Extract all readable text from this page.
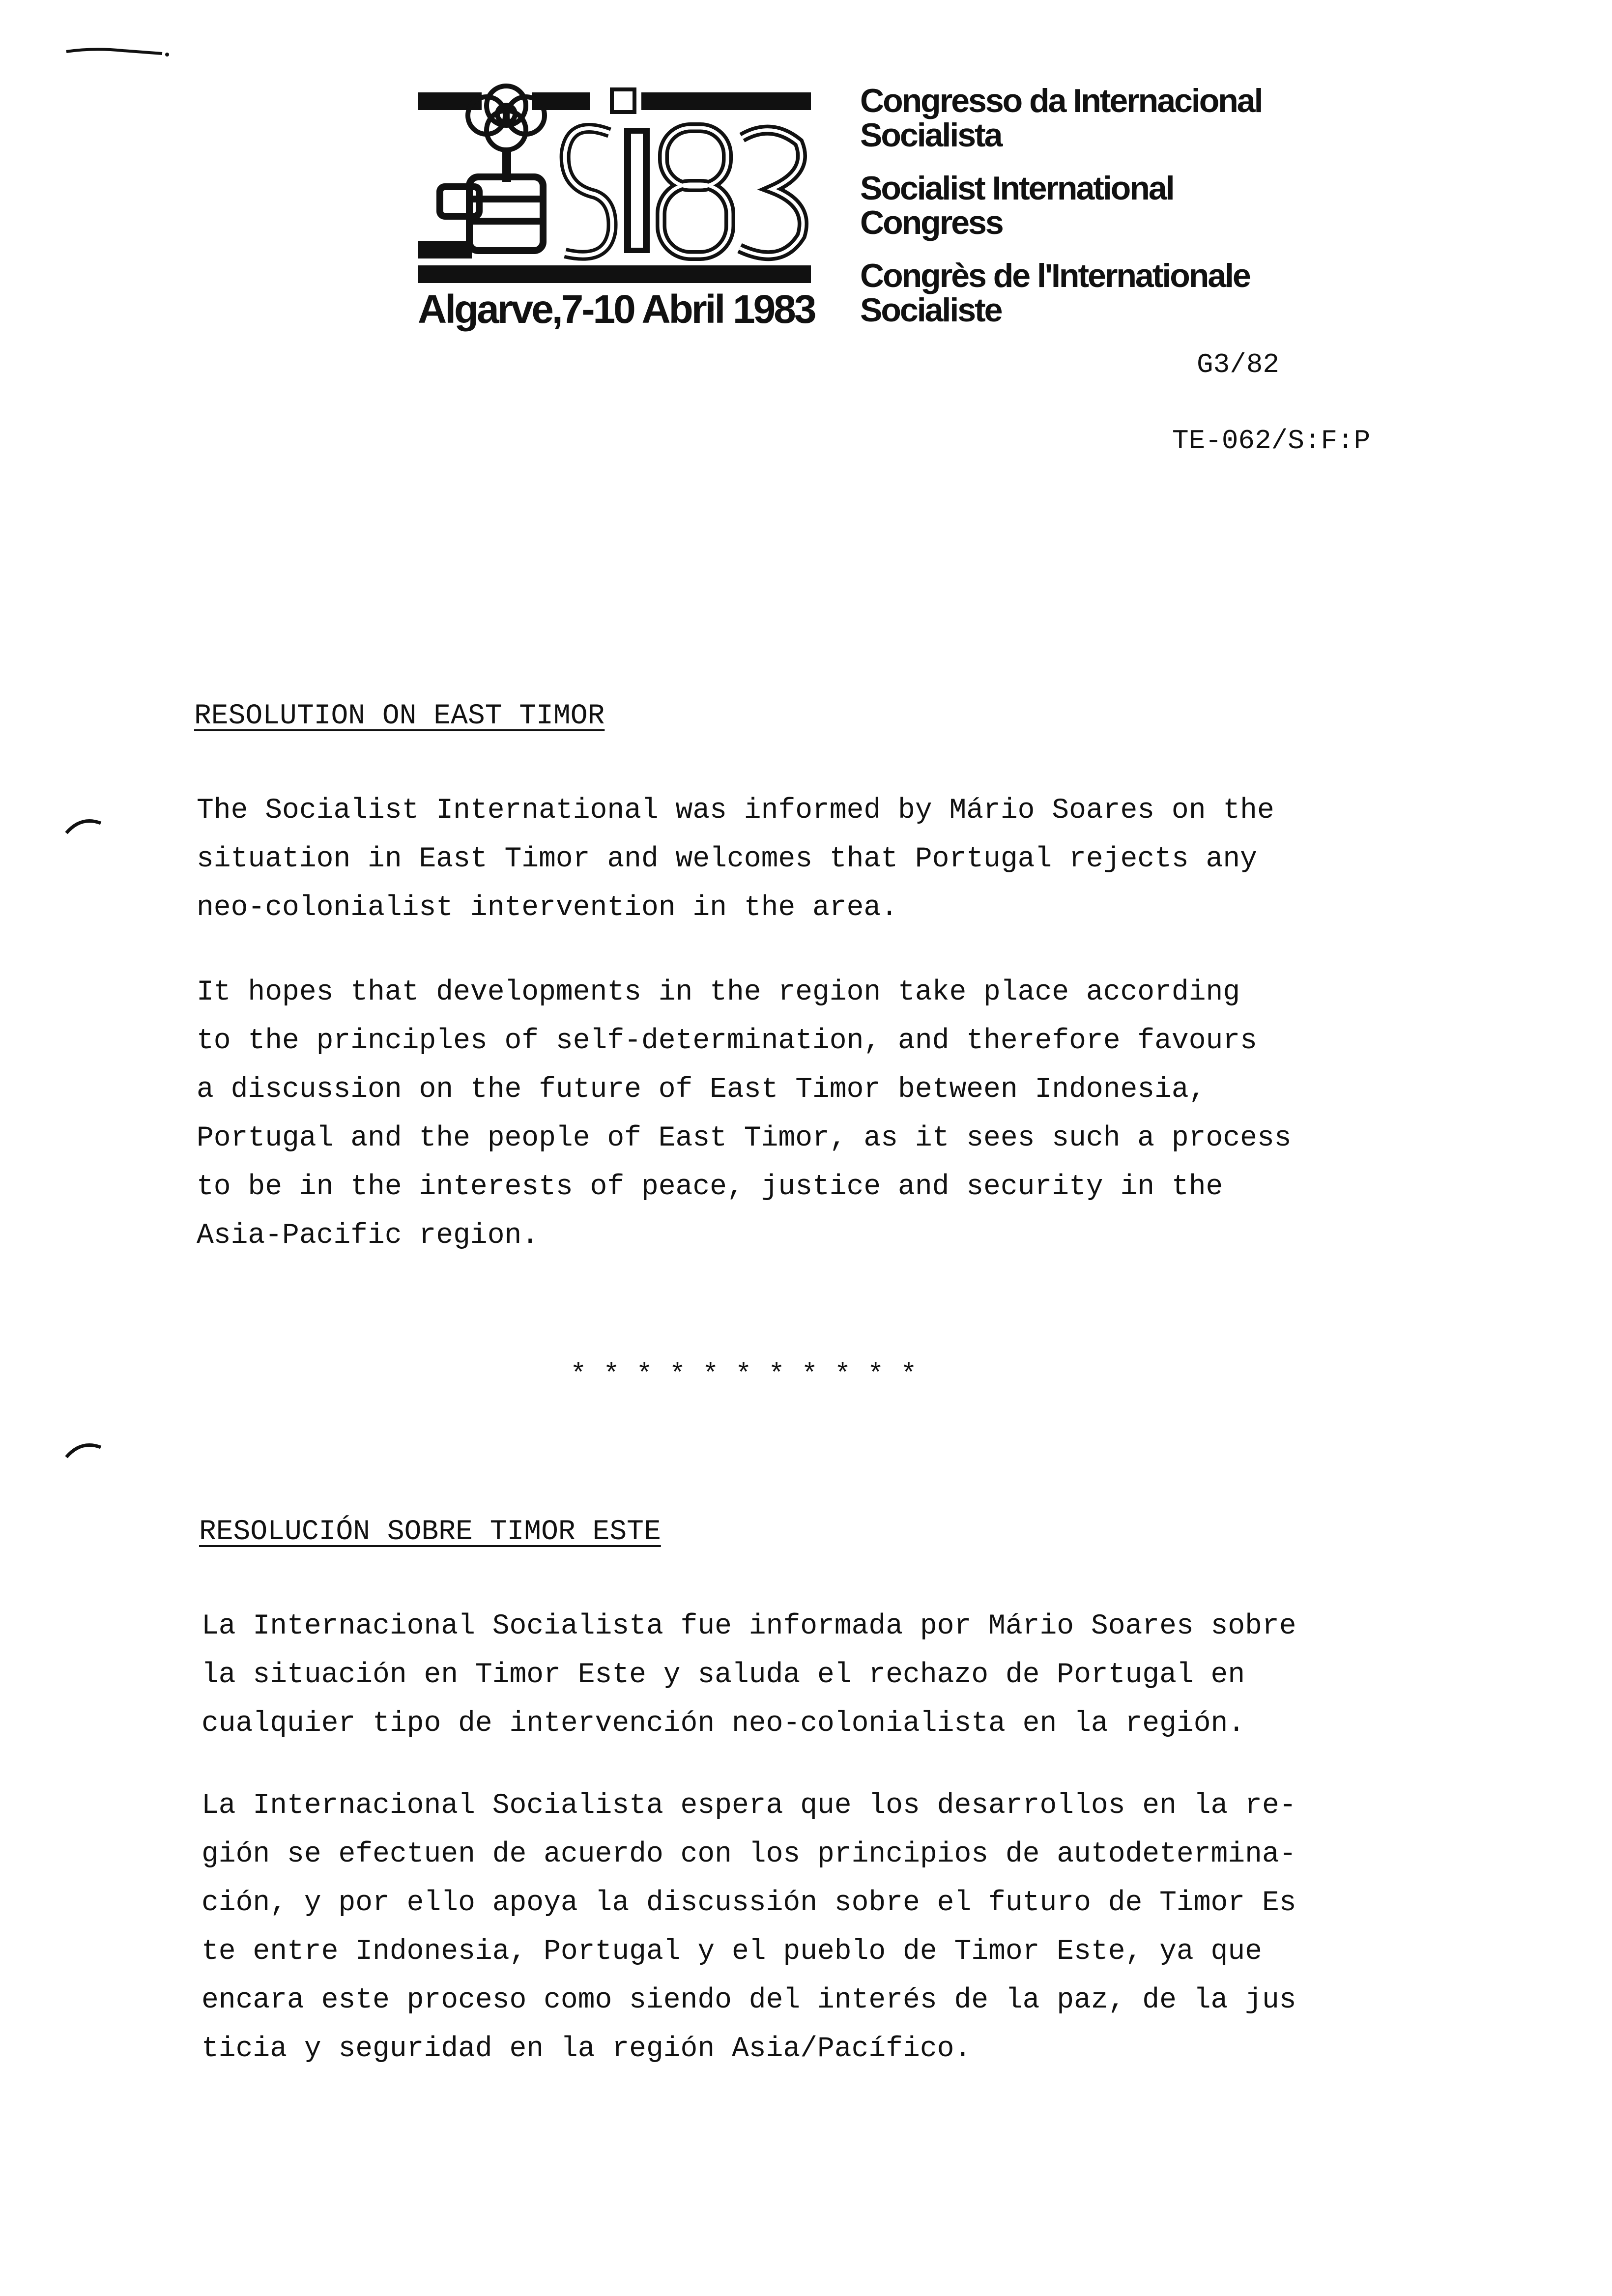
Algarve,7-10 Abril 1983
Congresso da Internacional Socialista
Socialist International Congress
Congrès de l'Internationale Socialiste
G3/82
TE-062/S:F:P
RESOLUTION ON EAST TIMOR
The Socialist International was informed by Mário Soares on the
situation in East Timor and welcomes that Portugal rejects any
neo-colonialist intervention in the area.
It hopes that developments in the region take place according
to the principles of self-determination, and therefore favours
a discussion on the future of East Timor between Indonesia,
Portugal and the people of East Timor, as it sees such a process
to be in the interests of peace, justice and security in the
Asia-Pacific region.
* * * * * * * * * * *
RESOLUCIÓN SOBRE TIMOR ESTE
La Internacional Socialista fue informada por Mário Soares sobre
la situación en Timor Este y saluda el rechazo de Portugal en
cualquier tipo de intervención neo-colonialista en la región.
La Internacional Socialista espera que los desarrollos en la re-
gión se efectuen de acuerdo con los principios de autodetermina-
ción, y por ello apoya la discussión sobre el futuro de Timor Es
te entre Indonesia, Portugal y el pueblo de Timor Este, ya que
encara este proceso como siendo del interés de la paz, de la jus
ticia y seguridad en la región Asia/Pacífico.
